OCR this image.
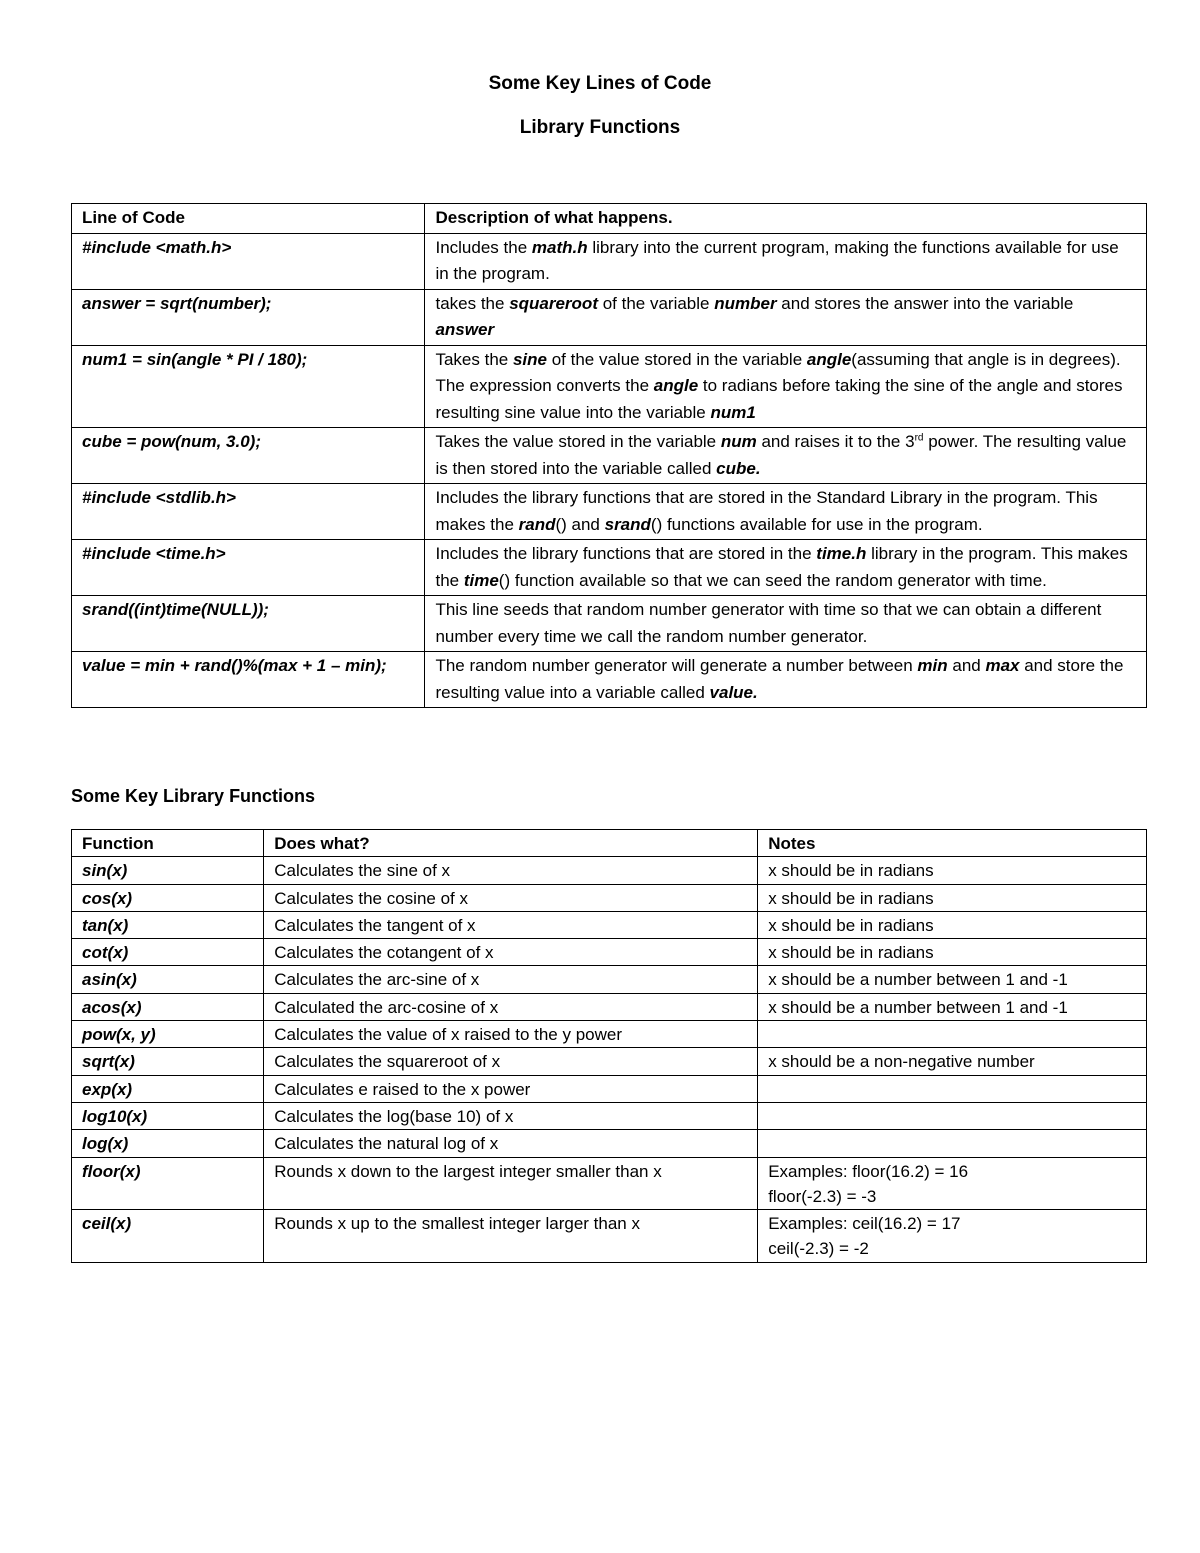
Some Key Lines of Code
Library Functions
Line of Code	Description of what happens.
#include <math.h>	Includes the math.h library into the current program, making the functions available for use in the program.
answer = sqrt(number);	takes the squareroot of the variable number and stores the answer into the variable answer
num1 = sin(angle * PI / 180);	Takes the sine of the value stored in the variable angle(assuming that angle is in degrees). The expression converts the angle to radians before taking the sine of the angle and stores resulting sine value into the variable num1
cube = pow(num, 3.0);	Takes the value stored in the variable num and raises it to the 3rd power. The resulting value is then stored into the variable called cube.
#include <stdlib.h>	Includes the library functions that are stored in the Standard Library in the program. This makes the rand() and srand() functions available for use in the program.
#include <time.h>	Includes the library functions that are stored in the time.h library in the program. This makes the time() function available so that we can seed the random generator with time.
srand((int)time(NULL));	This line seeds that random number generator with time so that we can obtain a different number every time we call the random number generator.
value = min + rand()%(max + 1 – min);	The random number generator will generate a number between min and max and store the resulting value into a variable called value.
Some Key Library Functions
Function	Does what?	Notes
sin(x)	Calculates the sine of x	x should be in radians

cos(x)	Calculates the cosine of x	x should be in radians

tan(x)	Calculates the tangent of x	x should be in radians

cot(x)	Calculates the cotangent of x	x should be in radians

asin(x)	Calculates the arc-sine of x	x should be a number between 1 and -1

acos(x)	Calculated the arc-cosine of x	x should be a number between 1 and -1

pow(x, y)	Calculates the value of x raised to the y power	

sqrt(x)	Calculates the squareroot of x	x should be a non-negative number

exp(x)	Calculates e raised to the x power	

log10(x)	Calculates the log(base 10) of x	

log(x)	Calculates the natural log of x	

floor(x)	Rounds x down to the largest integer smaller than x	Examples: floor(16.2) = 16
floor(-2.3) = -3

ceil(x)	Rounds x up to the smallest integer larger than x	Examples: ceil(16.2) = 17
ceil(-2.3) = -2
